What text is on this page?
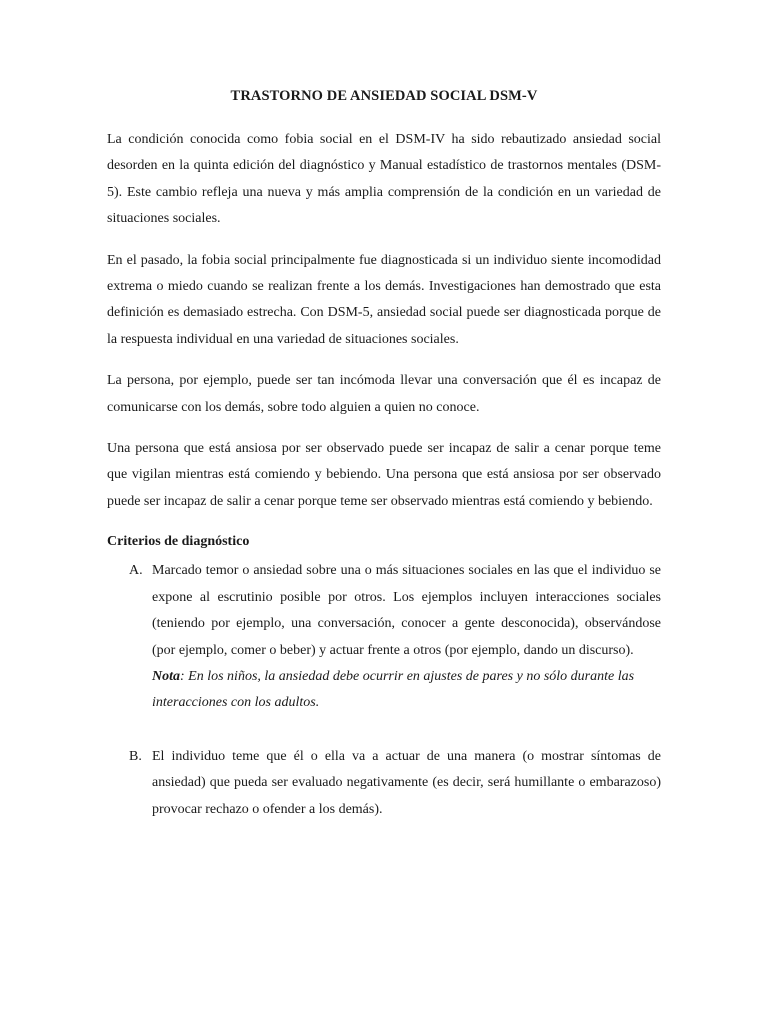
TRASTORNO DE ANSIEDAD SOCIAL DSM-V

La condición conocida como fobia social en el DSM-IV ha sido rebautizado ansiedad social desorden en la quinta edición del diagnóstico y Manual estadístico de trastornos mentales (DSM-5). Este cambio refleja una nueva y más amplia comprensión de la condición en un variedad de situaciones sociales.

En el pasado, la fobia social principalmente fue diagnosticada si un individuo siente incomodidad extrema o miedo cuando se realizan frente a los demás. Investigaciones han demostrado que esta definición es demasiado estrecha. Con DSM-5, ansiedad social puede ser diagnosticada porque de la respuesta individual en una variedad de situaciones sociales.

La persona, por ejemplo, puede ser tan incómoda llevar una conversación que él es incapaz de comunicarse con los demás, sobre todo alguien a quien no conoce.

Una persona que está ansiosa por ser observado puede ser incapaz de salir a cenar porque teme que vigilan mientras está comiendo y bebiendo. Una persona que está ansiosa por ser observado puede ser incapaz de salir a cenar porque teme ser observado mientras está comiendo y bebiendo.

Criterios de diagnóstico
A. Marcado temor o ansiedad sobre una o más situaciones sociales en las que el individuo se expone al escrutinio posible por otros. Los ejemplos incluyen interacciones sociales (teniendo por ejemplo, una conversación, conocer a gente desconocida), observándose (por ejemplo, comer o beber) y actuar frente a otros (por ejemplo, dando un discurso).
Nota: En los niños, la ansiedad debe ocurrir en ajustes de pares y no sólo durante las interacciones con los adultos.
B. El individuo teme que él o ella va a actuar de una manera (o mostrar síntomas de ansiedad) que pueda ser evaluado negativamente (es decir, será humillante o embarazoso) provocar rechazo o ofender a los demás).
